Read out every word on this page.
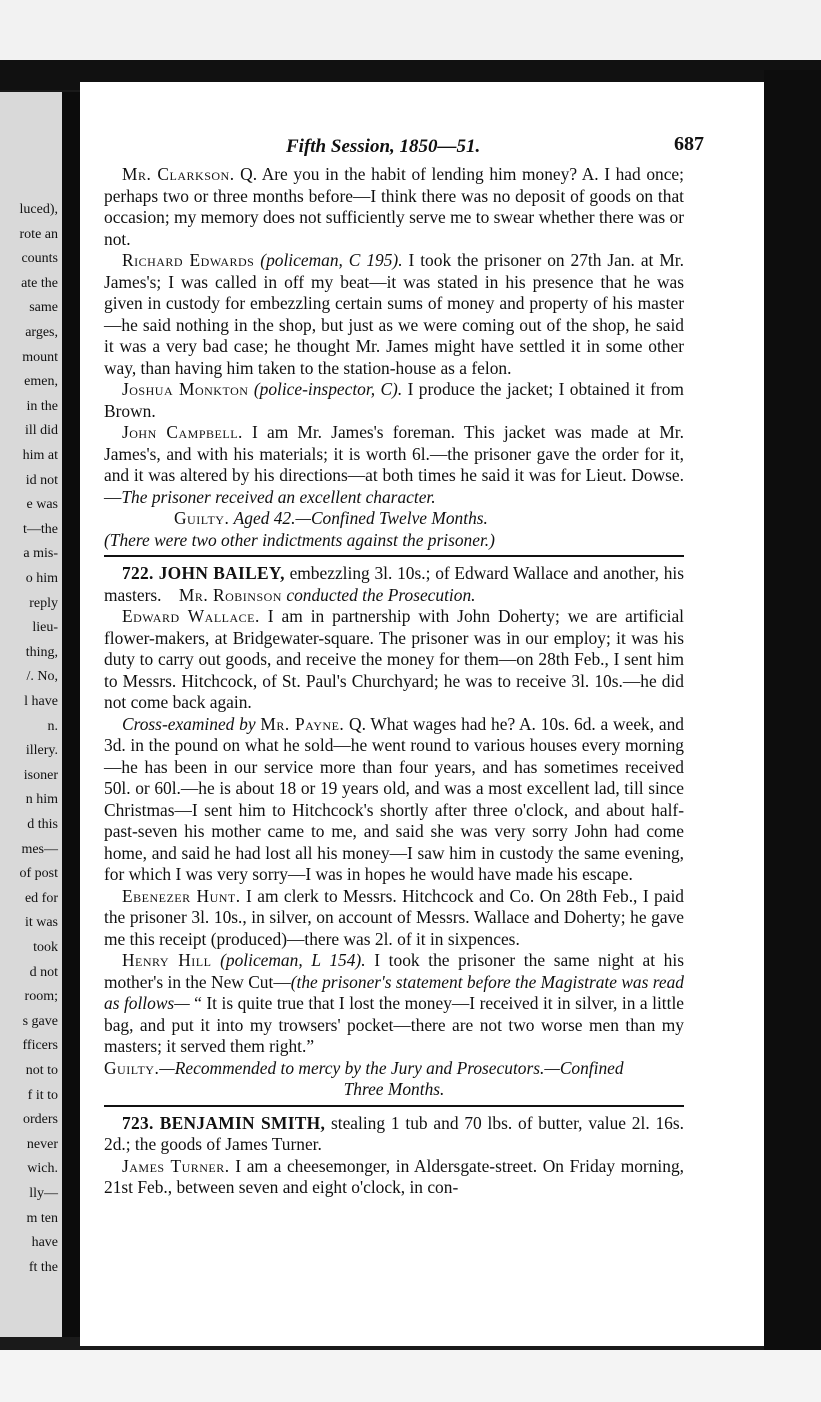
luced),
rote an
counts
ate the
same
arges,
mount
emen,
in the
ill did
him at
id not
e was
t—the
a mis-
o him
reply
lieu-
thing,
/. No,
l have
n.
illery.
isoner
n him
d this
mes—
of post
ed for
it was
took
d not
room;
s gave
fficers
not to
f it to
orders
never
wich.
lly—
m ten
have
ft the
Fifth Session, 1850—51.	687

Mr. Clarkson. Q. Are you in the habit of lending him money? A. I had once; perhaps two or three months before—I think there was no deposit of goods on that occasion; my memory does not sufficiently serve me to swear whether there was or not.

Richard Edwards (policeman, C 195). I took the prisoner on 27th Jan. at Mr. James's; I was called in off my beat—it was stated in his presence that he was given in custody for embezzling certain sums of money and property of his master—he said nothing in the shop, but just as we were coming out of the shop, he said it was a very bad case; he thought Mr. James might have settled it in some other way, than having him taken to the station-house as a felon.

Joshua Monkton (police-inspector, C). I produce the jacket; I obtained it from Brown.

John Campbell. I am Mr. James's foreman. This jacket was made at Mr. James's, and with his materials; it is worth 6l.—the prisoner gave the order for it, and it was altered by his directions—at both times he said it was for Lieut. Dowse.—The prisoner received an excellent character.

Guilty. Aged 42.—Confined Twelve Months.

(There were two other indictments against the prisoner.)

722. JOHN BAILEY, embezzling 3l. 10s.; of Edward Wallace and another, his masters. Mr. Robinson conducted the Prosecution.

Edward Wallace. I am in partnership with John Doherty; we are artificial flower-makers, at Bridgewater-square. The prisoner was in our employ; it was his duty to carry out goods, and receive the money for them—on 28th Feb., I sent him to Messrs. Hitchcock, of St. Paul's Churchyard; he was to receive 3l. 10s.—he did not come back again.

Cross-examined by Mr. Payne. Q. What wages had he? A. 10s. 6d. a week, and 3d. in the pound on what he sold—he went round to various houses every morning—he has been in our service more than four years, and has sometimes received 50l. or 60l.—he is about 18 or 19 years old, and was a most excellent lad, till since Christmas—I sent him to Hitchcock's shortly after three o'clock, and about half-past-seven his mother came to me, and said she was very sorry John had come home, and said he had lost all his money—I saw him in custody the same evening, for which I was very sorry—I was in hopes he would have made his escape.

Ebenezer Hunt. I am clerk to Messrs. Hitchcock and Co. On 28th Feb., I paid the prisoner 3l. 10s., in silver, on account of Messrs. Wallace and Doherty; he gave me this receipt (produced)—there was 2l. of it in sixpences.

Henry Hill (policeman, L 154). I took the prisoner the same night at his mother's in the New Cut—(the prisoner's statement before the Magistrate was read as follows— “ It is quite true that I lost the money—I received it in silver, in a little bag, and put it into my trowsers' pocket—there are not two worse men than my masters; it served them right.”

Guilty.—Recommended to mercy by the Jury and Prosecutors.—Confined

Three Months.

723. BENJAMIN SMITH, stealing 1 tub and 70 lbs. of butter, value 2l. 16s. 2d.; the goods of James Turner.

James Turner. I am a cheesemonger, in Aldersgate-street. On Friday morning, 21st Feb., between seven and eight o'clock, in con-
